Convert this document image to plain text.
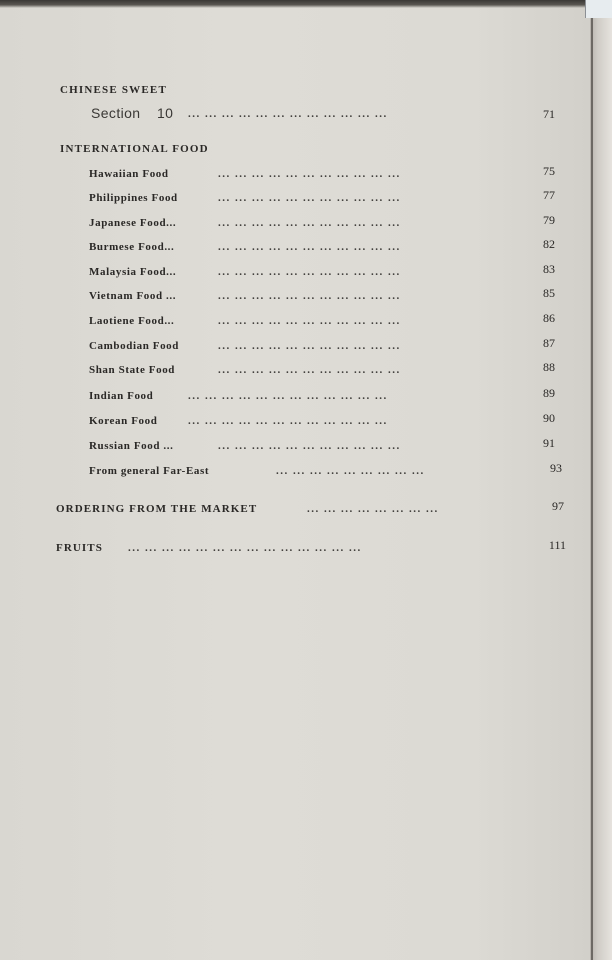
CHINESE SWEET
Section 10 ... ... ... ... ... ... ... ... ... ... ... ...	71
INTERNATIONAL FOOD
Hawaiian Food	... ... ... ... ... ... ... ... ... ... ...	75
Philippines Food	... ... ... ... ... ... ... ... ... ... ...	77
Japanese Food...	... ... ... ... ... ... ... ... ... ... ...	79
Burmese Food...	... ... ... ... ... ... ... ... ... ... ...	82
Malaysia Food...	... ... ... ... ... ... ... ... ... ... ...	83
Vietnam Food ...	... ... ... ... ... ... ... ... ... ... ...	85
Laotiene Food...	... ... ... ... ... ... ... ... ... ... ...	86
Cambodian Food	... ... ... ... ... ... ... ... ... ... ...	87
Shan State Food	... ... ... ... ... ... ... ... ... ... ...	88
Indian Food	... ... ... ... ... ... ... ... ... ... ... ...	89
Korean Food	... ... ... ... ... ... ... ... ... ... ... ...	90
Russian Food ...	... ... ... ... ... ... ... ... ... ... ...	91
From general Far-East	... ... ... ... ... ... ... ... ...	93
ORDERING FROM THE MARKET	... ... ... ... ... ... ... ...	97
FRUITS ... ... ... ... ... ... ... ... ... ... ... ... ... ...	111
